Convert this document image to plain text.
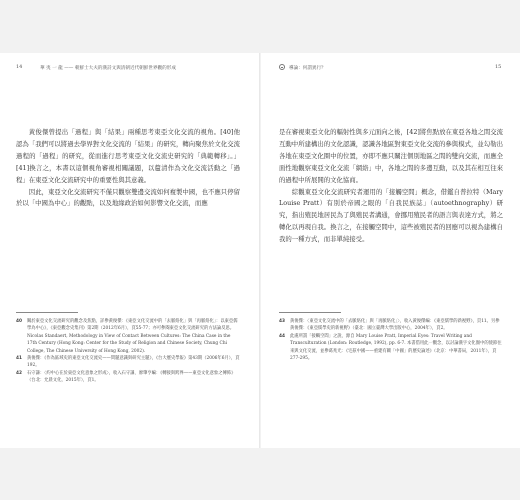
14	華 夷 一 龍 —— 朝鮮士大夫的漢詩文與清朝近代朝鮮世界觀的形成

黃俊傑曾提出「過程」與「結果」兩種思考東亞文化交流的視角。[40]他認為「我們可以將過去學界對文化交流的「結果」的研究，轉向聚焦於文化交流過程的「過程」的研究，從而進行思考東亞文化交流史研究的「典範轉移」。」[41]換言之，本書以這個視角審視相關議題，以釐清作為文化交流活動之「過程」在東亞文化交流研究中的重要性與其意義。

因此，東亞文化交流研究不僅只觀察雙邊交流如何複製中國，也不應只停留於以「中國為中心」的觀點，以及地緣政治如何影響文化交流，而應

40 關於東亞文化交流研究的觀念及焦點，詳參黃俊傑：《東亞文化交流中的「去脈絡化」與「再脈絡化」：以東亞儒學為中心》，《東亞觀念史集刊》第2期（2012年6月），頁55-77；亦可參閱東亞文化交流研究的方法論反思。Nicolas Standaert, Methodology in View of Contact Between Cultures: The China Case in the 17th Century (Hong Kong: Center for the Study of Religion and Chinese Society, Chung Chi College, The Chinese University of Hong Kong, 2002).
41 黃俊傑：《作為區域史的東亞文化交流史——問題意識與研究主題》，《台大歷史學報》第43期（2006年6月），頁192。
42 石守謙：〈約中心在於東亞文化意象之形成〉，收入石守謙、廖肇亨編：《轉接與跨界——東亞文化意象之傳佈》（台北：允晨文化，2015年），頁1。
導論：何謂異行？	15

是在審視東亞文化的輻射性與多元面向之後，[42]將焦點放在東亞各地之間交流互動中所建構出的文化認識，認識各地區對東亞文化交流的參與模式，並勾勒出各地在東亞文化圈中的位置，亦即不應只關注個別地區之間的雙向交流，而應全面性地觀察東亞文化交流「網絡」中，各地之間的多邊互動，以及其在相互往來的過程中所展開的文化協商。

綜觀東亞文化交流研究者運用的「接觸空間」概念，借鑑自普拉特（Mary Louise Pratt）有別於帝國之眼的「自我民族誌」（autoethnography）研究，指出殖民地居民為了與殖民者溝通，會挪用殖民者的語言與表達方式，將之轉化以再現自我。換言之，在接觸空間中，這些被殖民者的回應可以視為建構自我的一種方式，而非單純接受。

43 黃俊傑：〈東亞文化交流中的「去脈絡化」與「再脈絡化」〉，收入黃俊傑編：《東亞儒學的新視野》，頁11。另參黃俊傑：《東亞儒學史的新視野》（臺北：國立臺灣大學出版中心，2004年），頁2。
44 此處所謂「接觸空間」之說，源自 Mary Louise Pratt, Imperial Eyes: Travel Writing and Transculturation (London: Routledge, 1992), pp. 6-7. 本書借用此一觀念，以討論漢字文化圈中的使節往來與文化交流，並參葛兆光：《宅茲中國——重建有關「中國」的歷史論述》（北京：中華書局，2011年），頁277-295。
